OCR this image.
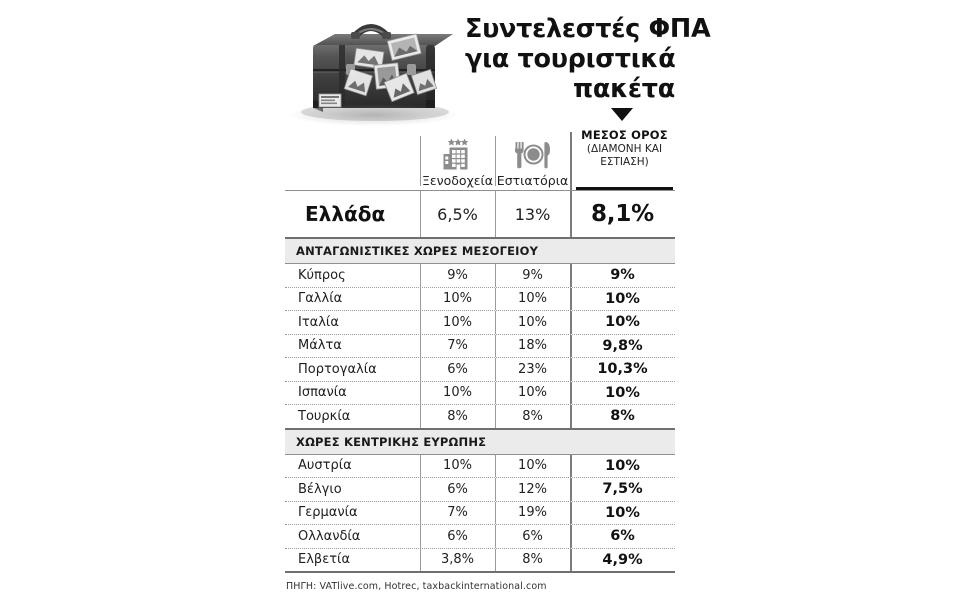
Συντελεστές ΦΠΑ
για τουριστικά
πακέτα
Ξενοδοχεία Εστιατόρια
ΜΕΣΟΣ ΟΡΟΣ
(ΔΙΑΜΟΝΗ ΚΑΙ
ΕΣΤΙΑΣΗ)
Ελλάδα	6,5%	13%	8,1%
ΑΝΤΑΓΩΝΙΣΤΙΚΕΣ ΧΩΡΕΣ ΜΕΣΟΓΕΙΟΥ
Κύπρος	9%	9%	9%
Γαλλία	10%	10%	10%
Ιταλία	10%	10%	10%
Μάλτα	7%	18%	9,8%
Πορτογαλία	6%	23%	10,3%
Ισπανία	10%	10%	10%
Τουρκία	8%	8%	8%
ΧΩΡΕΣ ΚΕΝΤΡΙΚΗΣ ΕΥΡΩΠΗΣ
Αυστρία	10%	10%	10%
Βέλγιο	6%	12%	7,5%
Γερμανία	7%	19%	10%
Ολλανδία	6%	6%	6%
Ελβετία	3,8%	8%	4,9%
ΠΗΓΗ: VATlive.com, Hotrec, taxbackinternational.com
